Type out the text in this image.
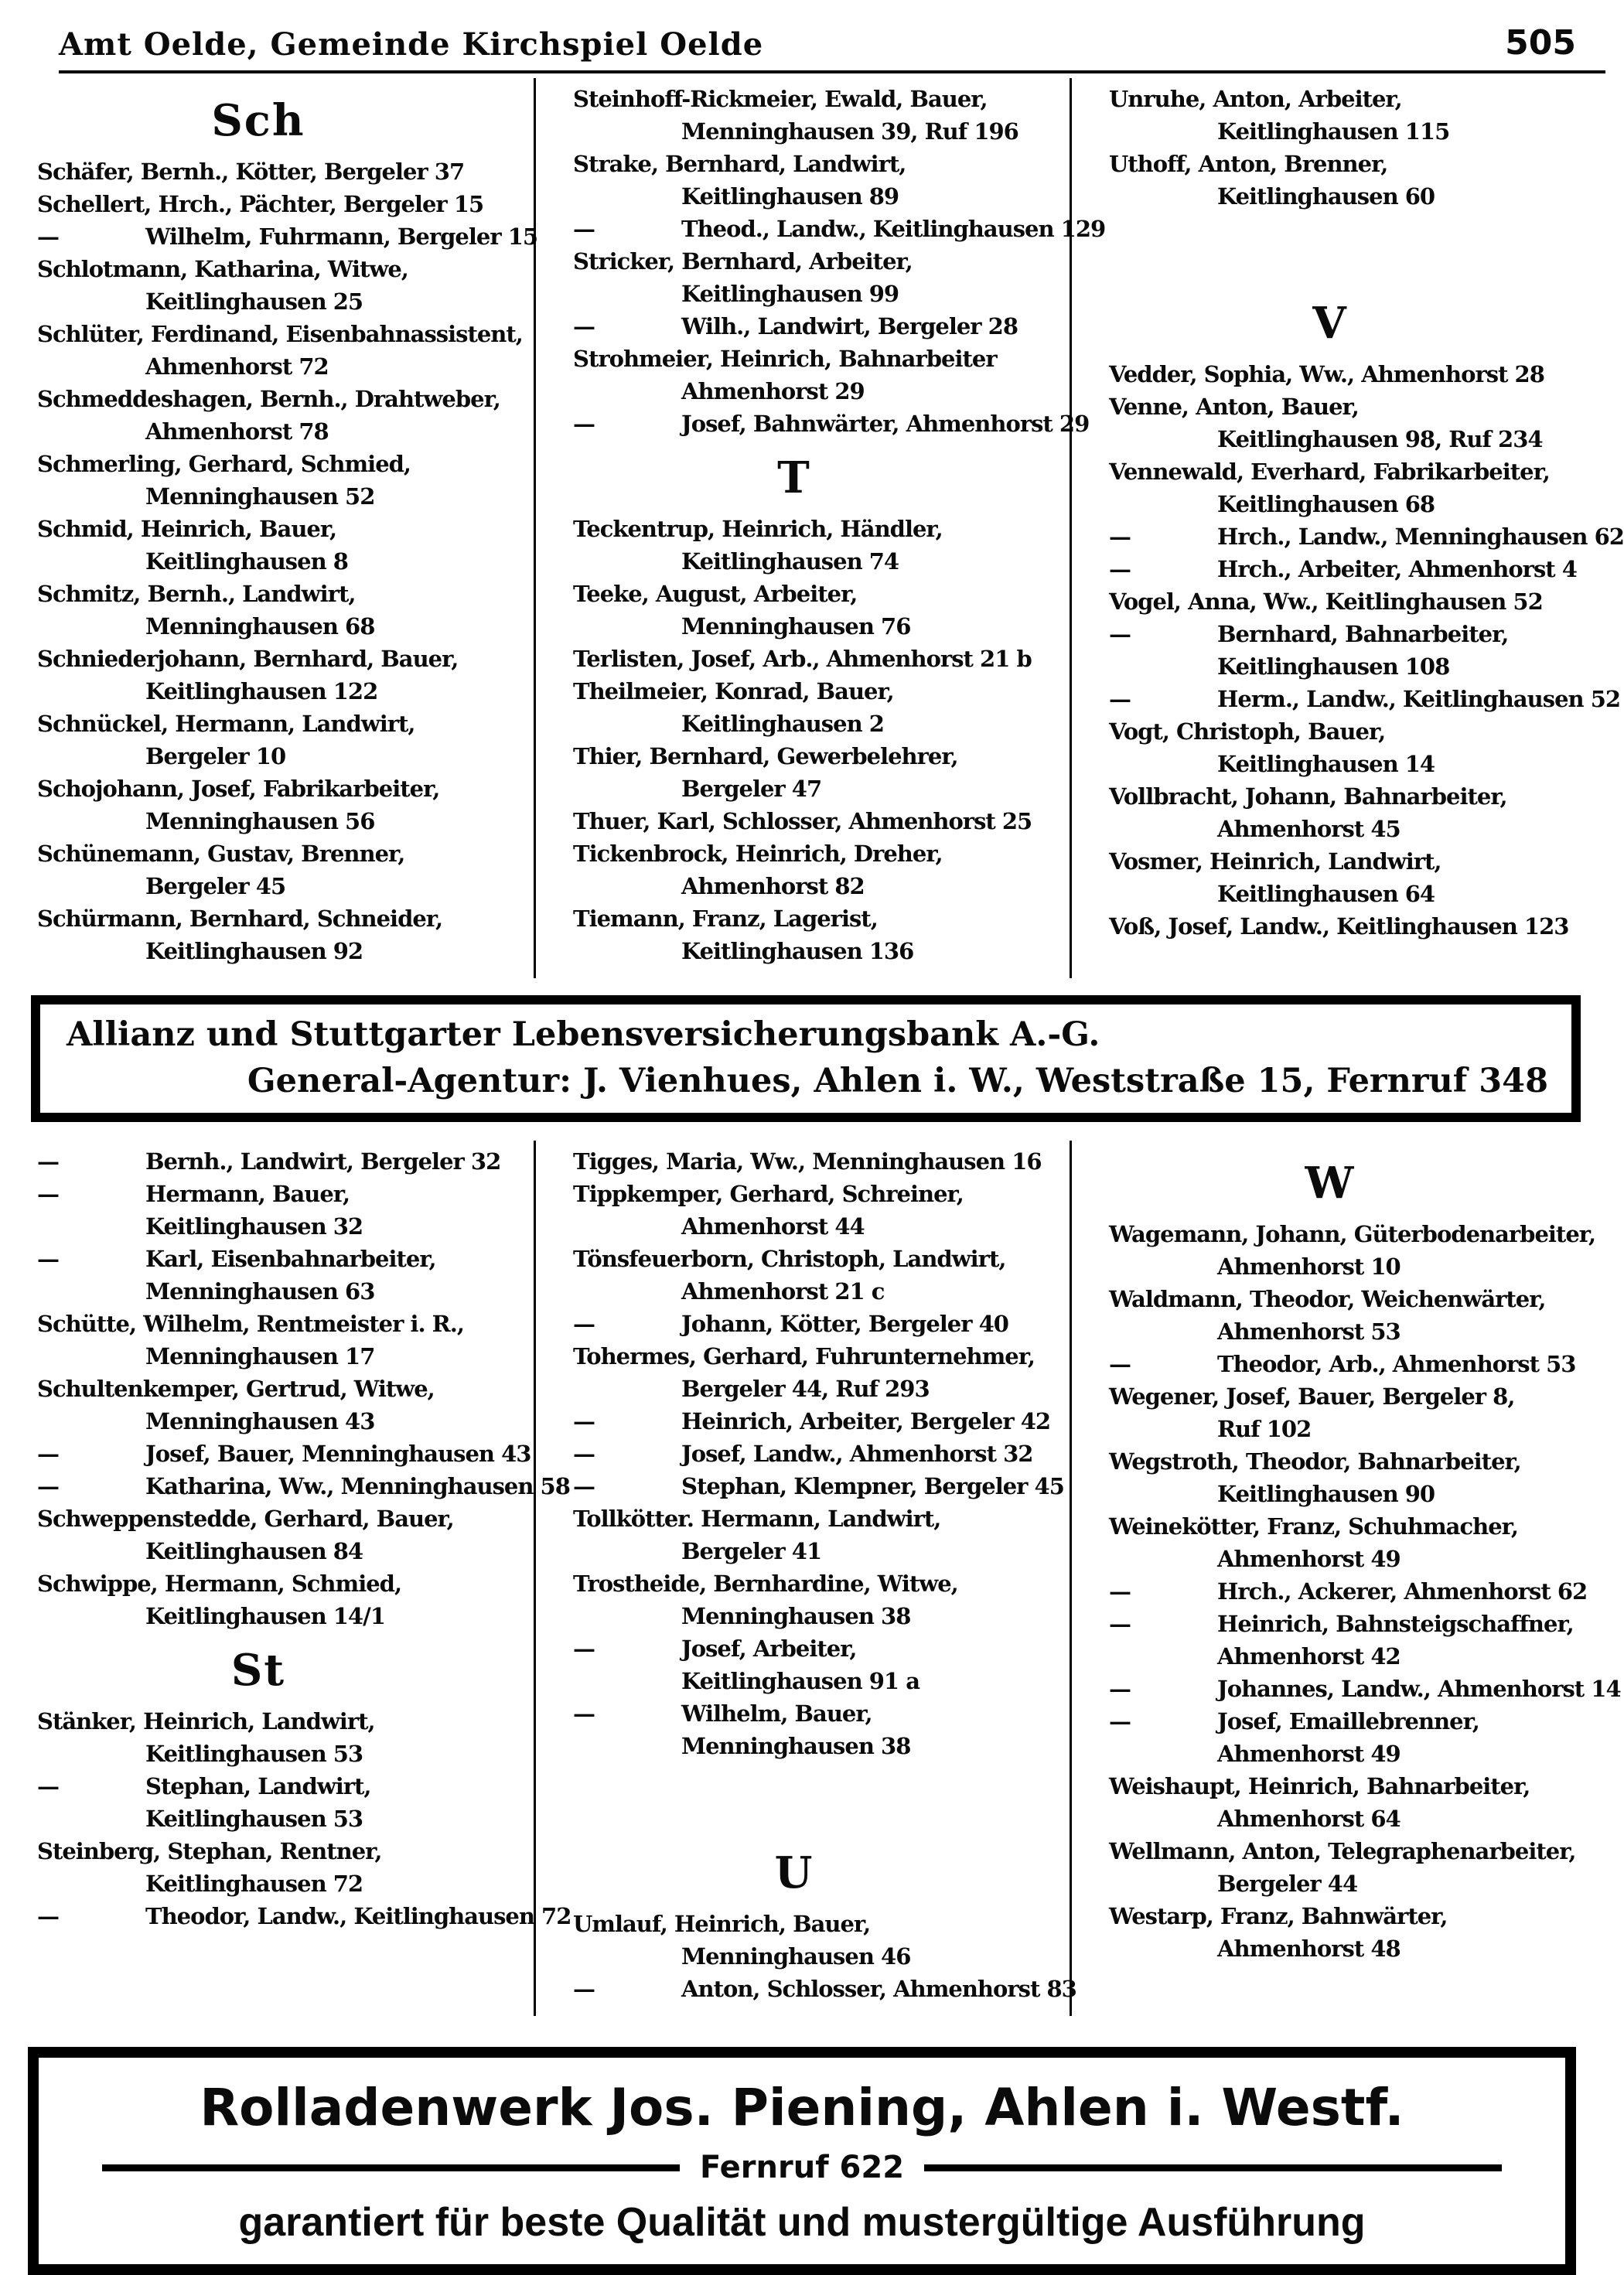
Amt Oelde, Gemeinde Kirchspiel Oelde	505
Sch
Schäfer, Bernh., Kötter, Bergeler 37
Schellert, Hrch., Pächter, Bergeler 15
—	Wilhelm, Fuhrmann, Bergeler 15
Schlotmann, Katharina, Witwe,
Keitlinghausen 25
Schlüter, Ferdinand, Eisenbahnassistent,
Ahmenhorst 72
Schmeddeshagen, Bernh., Drahtweber,
Ahmenhorst 78
Schmerling, Gerhard, Schmied,
Menninghausen 52
Schmid, Heinrich, Bauer,
Keitlinghausen 8
Schmitz, Bernh., Landwirt,
Menninghausen 68
Schniederjohann, Bernhard, Bauer,
Keitlinghausen 122
Schnückel, Hermann, Landwirt,
Bergeler 10
Schojohann, Josef, Fabrikarbeiter,
Menninghausen 56
Schünemann, Gustav, Brenner,
Bergeler 45
Schürmann, Bernhard, Schneider,
Keitlinghausen 92
Steinhoff-Rickmeier, Ewald, Bauer,
Menninghausen 39, Ruf 196
Strake, Bernhard, Landwirt,
Keitlinghausen 89
—	Theod., Landw., Keitlinghausen 129
Stricker, Bernhard, Arbeiter,
Keitlinghausen 99
—	Wilh., Landwirt, Bergeler 28
Strohmeier, Heinrich, Bahnarbeiter
Ahmenhorst 29
—	Josef, Bahnwärter, Ahmenhorst 29
T
Teckentrup, Heinrich, Händler,
Keitlinghausen 74
Teeke, August, Arbeiter,
Menninghausen 76
Terlisten, Josef, Arb., Ahmenhorst 21 b
Theilmeier, Konrad, Bauer,
Keitlinghausen 2
Thier, Bernhard, Gewerbelehrer,
Bergeler 47
Thuer, Karl, Schlosser, Ahmenhorst 25
Tickenbrock, Heinrich, Dreher,
Ahmenhorst 82
Tiemann, Franz, Lagerist,
Keitlinghausen 136
Unruhe, Anton, Arbeiter,
Keitlinghausen 115
Uthoff, Anton, Brenner,
Keitlinghausen 60
V
Vedder, Sophia, Ww., Ahmenhorst 28
Venne, Anton, Bauer,
Keitlinghausen 98, Ruf 234
Vennewald, Everhard, Fabrikarbeiter,
Keitlinghausen 68
—	Hrch., Landw., Menninghausen 62
—	Hrch., Arbeiter, Ahmenhorst 4
Vogel, Anna, Ww., Keitlinghausen 52
—	Bernhard, Bahnarbeiter,
Keitlinghausen 108
—	Herm., Landw., Keitlinghausen 52
Vogt, Christoph, Bauer,
Keitlinghausen 14
Vollbracht, Johann, Bahnarbeiter,
Ahmenhorst 45
Vosmer, Heinrich, Landwirt,
Keitlinghausen 64
Voß, Josef, Landw., Keitlinghausen 123
Allianz und Stuttgarter Lebensversicherungsbank A.-G.
General-Agentur: J. Vienhues, Ahlen i. W., Weststraße 15, Fernruf 348
—	Bernh., Landwirt, Bergeler 32
—	Hermann, Bauer,
Keitlinghausen 32
—	Karl, Eisenbahnarbeiter,
Menninghausen 63
Schütte, Wilhelm, Rentmeister i. R.,
Menninghausen 17
Schultenkemper, Gertrud, Witwe,
Menninghausen 43
—	Josef, Bauer, Menninghausen 43
—	Katharina, Ww., Menninghausen 58
Schweppenstedde, Gerhard, Bauer,
Keitlinghausen 84
Schwippe, Hermann, Schmied,
Keitlinghausen 14/1
St
Stänker, Heinrich, Landwirt,
Keitlinghausen 53
—	Stephan, Landwirt,
Keitlinghausen 53
Steinberg, Stephan, Rentner,
Keitlinghausen 72
—	Theodor, Landw., Keitlinghausen 72
Tigges, Maria, Ww., Menninghausen 16
Tippkemper, Gerhard, Schreiner,
Ahmenhorst 44
Tönsfeuerborn, Christoph, Landwirt,
Ahmenhorst 21 c
—	Johann, Kötter, Bergeler 40
Tohermes, Gerhard, Fuhrunternehmer,
Bergeler 44, Ruf 293
—	Heinrich, Arbeiter, Bergeler 42
—	Josef, Landw., Ahmenhorst 32
—	Stephan, Klempner, Bergeler 45
Tollkötter. Hermann, Landwirt,
Bergeler 41
Trostheide, Bernhardine, Witwe,
Menninghausen 38
—	Josef, Arbeiter,
Keitlinghausen 91 a
—	Wilhelm, Bauer,
Menninghausen 38
U
Umlauf, Heinrich, Bauer,
Menninghausen 46
—	Anton, Schlosser, Ahmenhorst 83
W
Wagemann, Johann, Güterbodenarbeiter,
Ahmenhorst 10
Waldmann, Theodor, Weichenwärter,
Ahmenhorst 53
—	Theodor, Arb., Ahmenhorst 53
Wegener, Josef, Bauer, Bergeler 8,
Ruf 102
Wegstroth, Theodor, Bahnarbeiter,
Keitlinghausen 90
Weinekötter, Franz, Schuhmacher,
Ahmenhorst 49
—	Hrch., Ackerer, Ahmenhorst 62
—	Heinrich, Bahnsteigschaffner,
Ahmenhorst 42
—	Johannes, Landw., Ahmenhorst 14
—	Josef, Emaillebrenner,
Ahmenhorst 49
Weishaupt, Heinrich, Bahnarbeiter,
Ahmenhorst 64
Wellmann, Anton, Telegraphenarbeiter,
Bergeler 44
Westarp, Franz, Bahnwärter,
Ahmenhorst 48
Rolladenwerk Jos. Piening, Ahlen i. Westf.
Fernruf 622
garantiert für beste Qualität und mustergültige Ausführung
